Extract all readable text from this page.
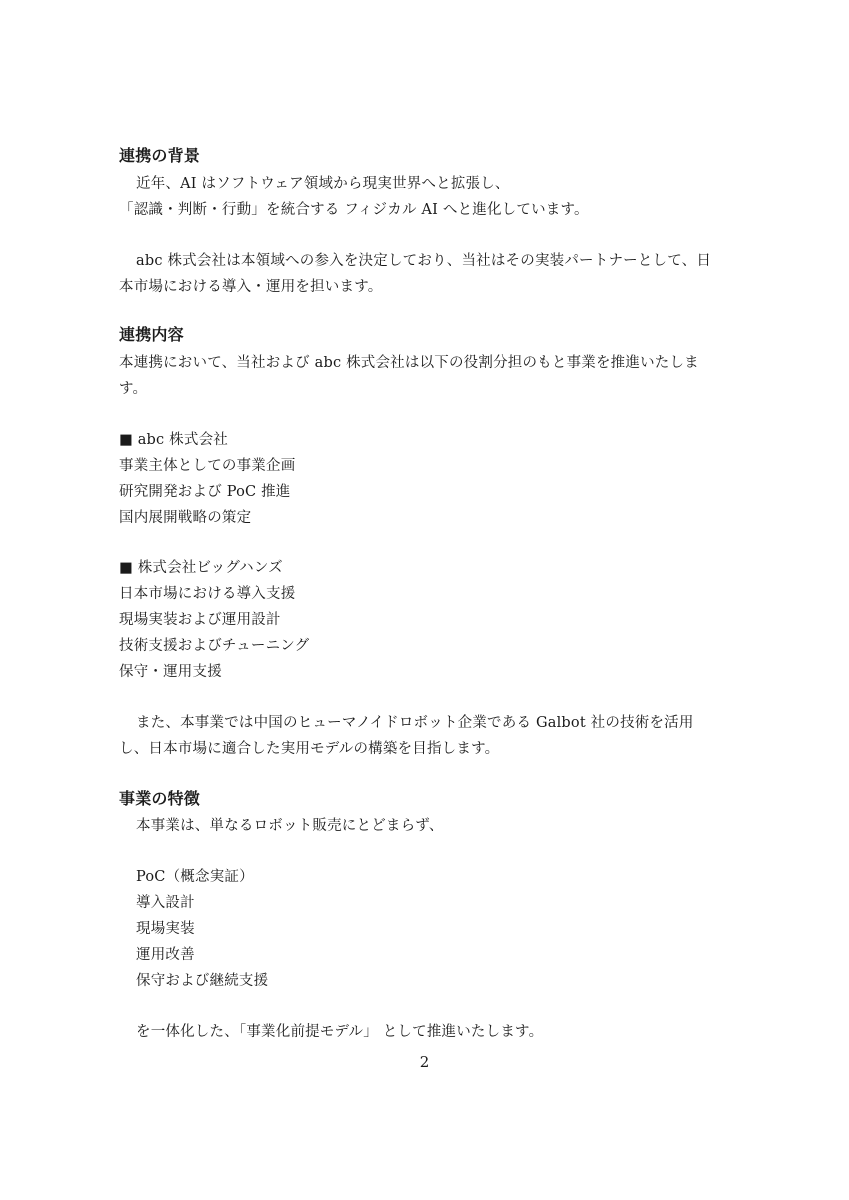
連携の背景
近年、AI はソフトウェア領域から現実世界へと拡張し、
「認識・判断・行動」を統合する フィジカル AI へと進化しています。
abc 株式会社は本領域への参入を決定しており、当社はその実装パートナーとして、日
本市場における導入・運用を担います。
連携内容
本連携において、当社および abc 株式会社は以下の役割分担のもと事業を推進いたしま
す。
■ abc 株式会社
事業主体としての事業企画
研究開発および PoC 推進
国内展開戦略の策定
■ 株式会社ビッグハンズ
日本市場における導入支援
現場実装および運用設計
技術支援およびチューニング
保守・運用支援
また、本事業では中国のヒューマノイドロボット企業である Galbot 社の技術を活用
し、日本市場に適合した実用モデルの構築を目指します。
事業の特徴
本事業は、単なるロボット販売にとどまらず、
PoC（概念実証）
導入設計
現場実装
運用改善
保守および継続支援
を一体化した、「事業化前提モデル」 として推進いたします。
2
